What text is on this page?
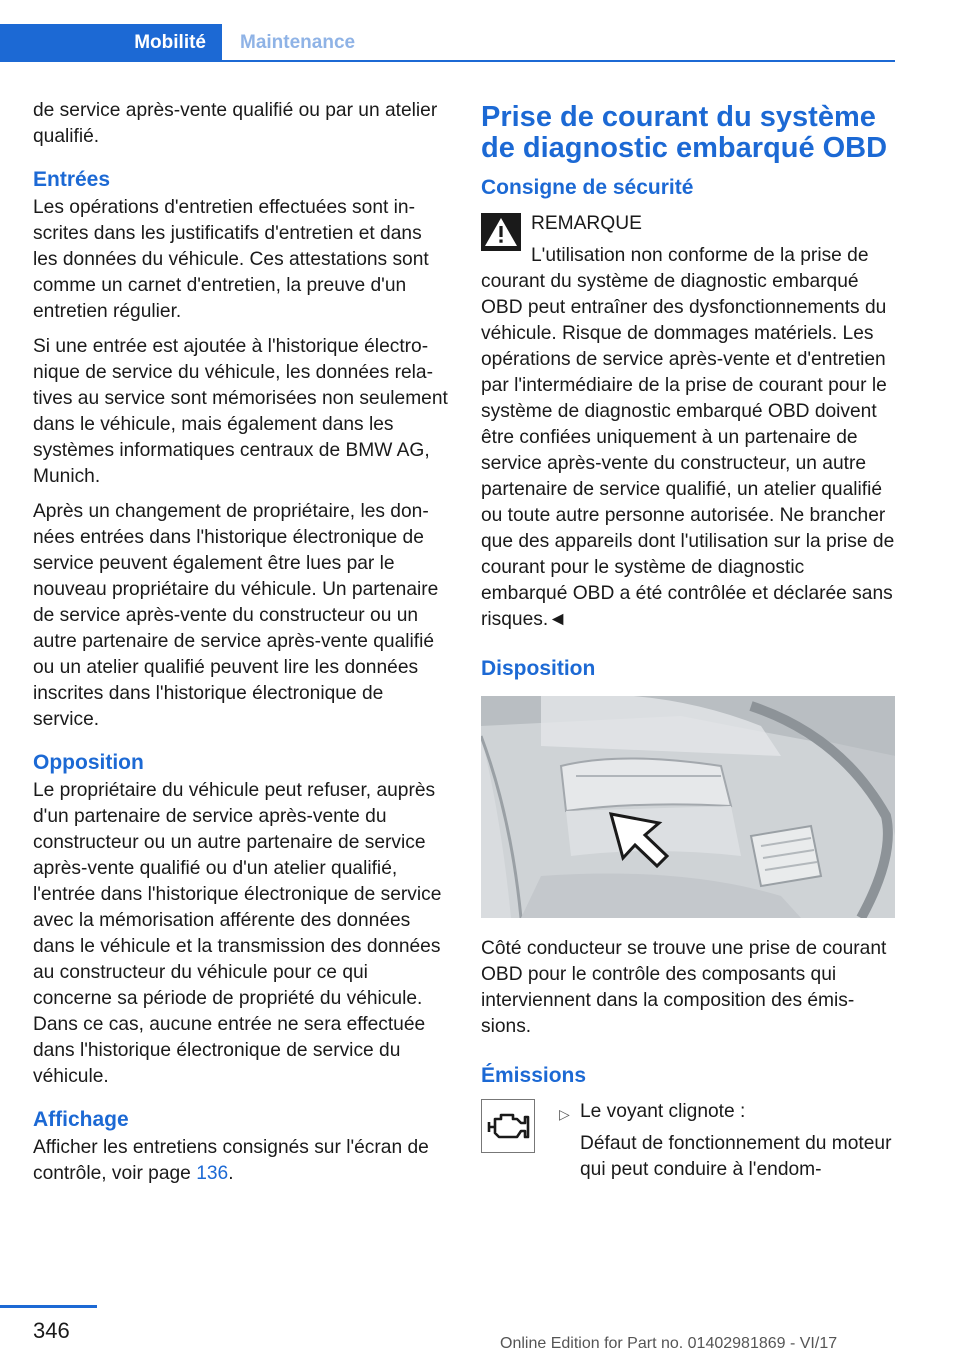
Mobilité Maintenance

de service après-vente qualifié ou par un atelier qualifié.

Entrées

Les opérations d'entretien effectuées sont inscrites dans les justificatifs d'entretien et dans les données du véhicule. Ces attestations sont comme un carnet d'entretien, la preuve d'un entretien régulier.

Si une entrée est ajoutée à l'historique électronique de service du véhicule, les données relatives au service sont mémorisées non seulement dans le véhicule, mais également dans les systèmes informatiques centraux de BMW AG, Munich.

Après un changement de propriétaire, les données entrées dans l'historique électronique de service peuvent également être lues par le nouveau propriétaire du véhicule. Un partenaire de service après-vente du constructeur ou un autre partenaire de service après-vente qualifié ou un atelier qualifié peuvent lire les données inscrites dans l'historique électronique de service.

Opposition

Le propriétaire du véhicule peut refuser, auprès d'un partenaire de service après-vente du constructeur ou un autre partenaire de service après-vente qualifié ou d'un atelier qualifié, l'entrée dans l'historique électronique de service avec la mémorisation afférente des données dans le véhicule et la transmission des données au constructeur du véhicule pour ce qui concerne sa période de propriété du véhicule. Dans ce cas, aucune entrée ne sera effectuée dans l'historique électronique de service du véhicule.

Affichage

Afficher les entretiens consignés sur l'écran de contrôle, voir page 136.

Prise de courant du système de diagnostic embarqué OBD
Consigne de sécurité

REMARQUE

L'utilisation non conforme de la prise de

courant du système de diagnostic embarqué OBD peut entraîner des dysfonctionnements du véhicule. Risque de dommages matériels. Les opérations de service après-vente et d'entretien par l'intermédiaire de la prise de courant pour le système de diagnostic embarqué OBD doivent être confiées uniquement à un partenaire de service après-vente du constructeur, un autre partenaire de service qualifié, un atelier qualifié ou toute autre personne autorisée. Ne brancher que des appareils dont l'utilisation sur la prise de courant pour le système de diagnostic embarqué OBD a été contrôlée et déclarée sans risques.◄

Disposition

Côté conducteur se trouve une prise de courant OBD pour le contrôle des composants qui interviennent dans la composition des émissions.

Émissions
▷ Le voyant clignote :

Défaut de fonctionnement du moteur qui peut conduire à l'endom-

346
Online Edition for Part no. 01402981869 - VI/17
